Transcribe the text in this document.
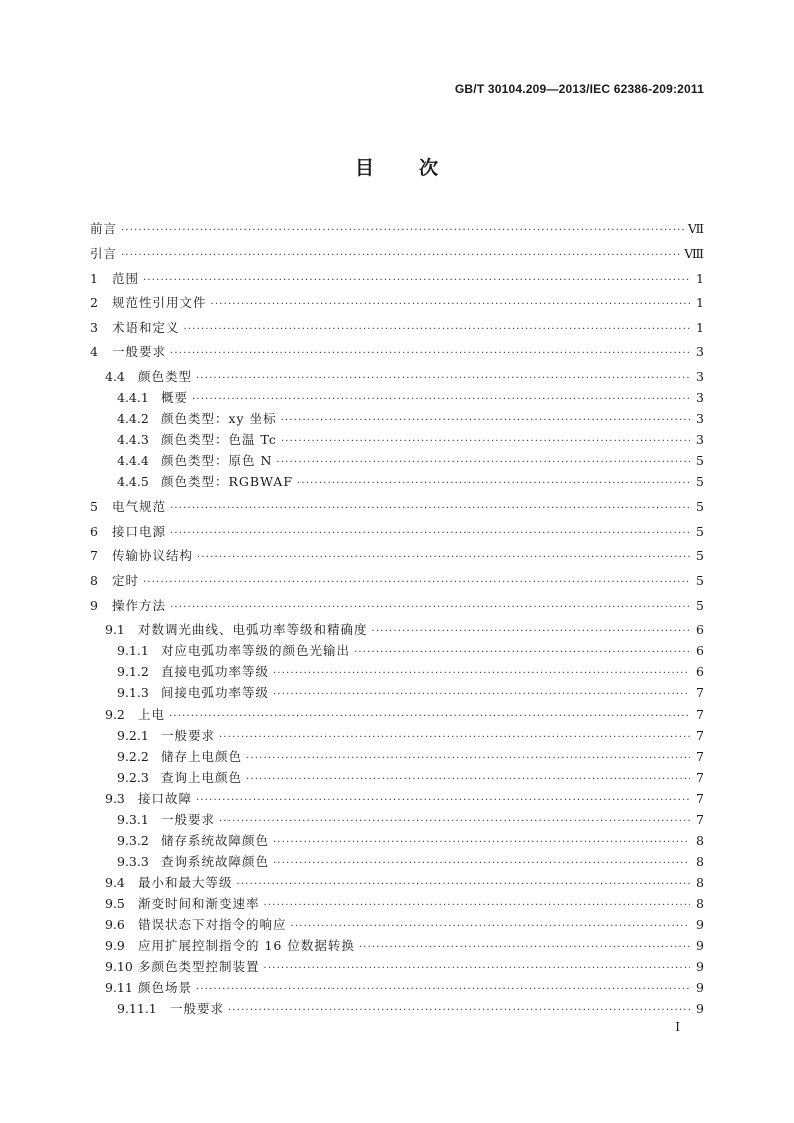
GB/T 30104.209—2013/IEC 62386-209:2011
目 次
前言 ·····	Ⅶ
引言 ·····	Ⅷ
1	范围 ·····	1
2	规范性引用文件 ·····	1
3	术语和定义 ·····	1
4	一般要求 ·····	3
4.4	颜色类型 ·····	3
4.4.1 概要 ·····	3
4.4.2 颜色类型：xy 坐标 ·····	3
4.4.3 颜色类型：色温 Tc ·····	3
4.4.4 颜色类型：原色 N ·····	5
4.4.5 颜色类型：RGBWAF ·····	5
5	电气规范 ·····	5
6	接口电源 ·····	5
7	传输协议结构 ·····	5
8	定时 ·····	5
9	操作方法 ·····	5
9.1	对数调光曲线、电弧功率等级和精确度 ·····	6
9.1.1 对应电弧功率等级的颜色光输出 ·····	6
9.1.2 直接电弧功率等级 ·····	6
9.1.3 间接电弧功率等级 ·····	7
9.2	上电 ·····	7
9.2.1 一般要求 ·····	7
9.2.2 储存上电颜色 ·····	7
9.2.3 查询上电颜色 ·····	7
9.3	接口故障 ·····	7
9.3.1 一般要求 ·····	7
9.3.2 储存系统故障颜色 ·····	8
9.3.3 查询系统故障颜色 ·····	8
9.4	最小和最大等级 ·····	8
9.5	渐变时间和渐变速率 ·····	8
9.6	错误状态下对指令的响应 ·····	9
9.9	应用扩展控制指令的 16 位数据转换 ·····	9
9.10 多颜色类型控制装置 ·····	9
9.11 颜色场景 ·····	9
9.11.1	一般要求 ·····	9
I
